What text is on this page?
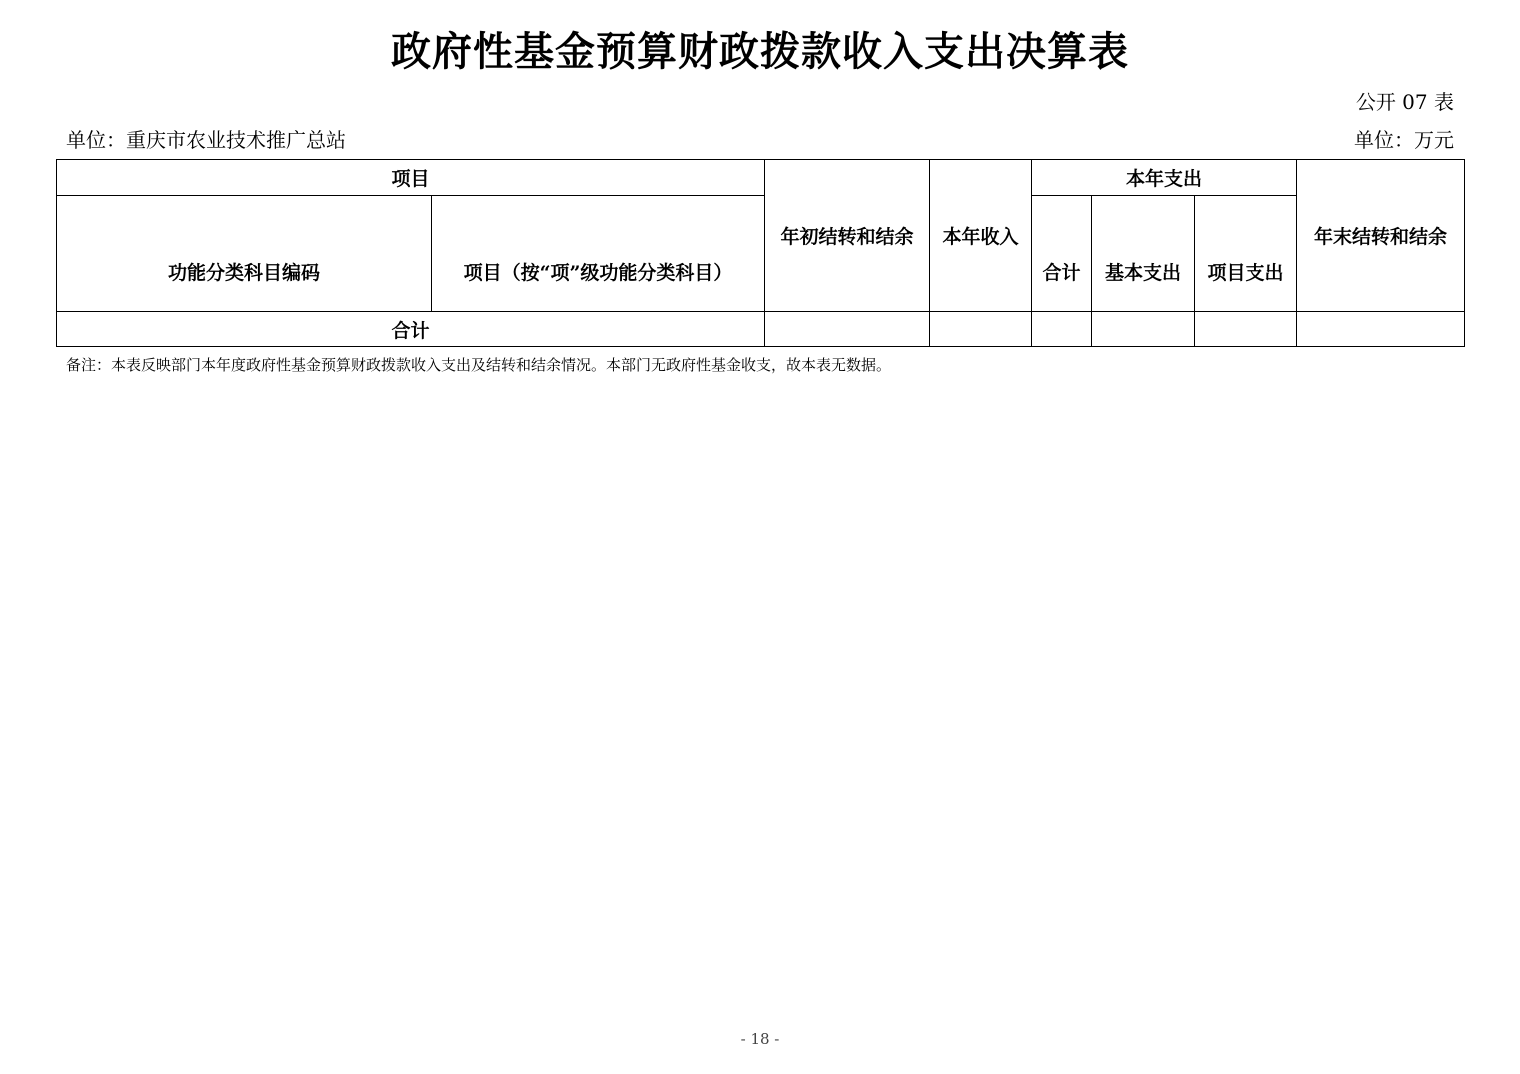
政府性基金预算财政拨款收入支出决算表
公开 07 表
单位：重庆市农业技术推广总站	单位：万元
项目		年初结转和结余	本年收入	本年支出			年末结转和结余
功能分类科目编码	项目（按“项”级功能分类科目）			合计	基本支出	项目支出	
合计							
备注：本表反映部门本年度政府性基金预算财政拨款收入支出及结转和结余情况。本部门无政府性基金收支，故本表无数据。
- 18 -
